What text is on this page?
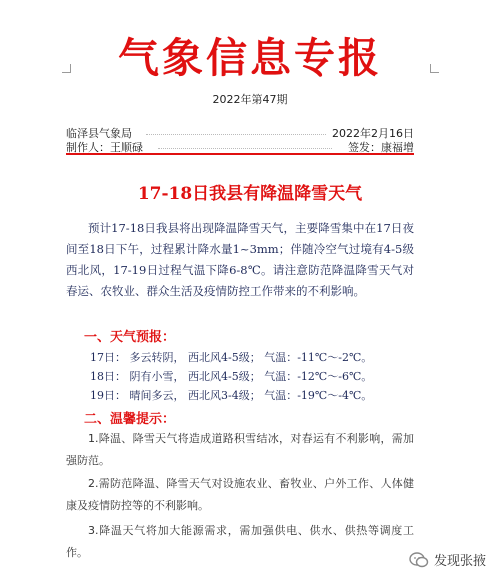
气象信息专报
2022年第47期
临泽县气象局	2022年2月16日
制作人：王顺碌	签发：康福增
17-18日我县有降温降雪天气
预计17-18日我县将出现降温降雪天气，主要降雪集中在17日夜间至18日下午，过程累计降水量1~3mm；伴随冷空气过境有4-5级西北风，17-19日过程气温下降6-8℃。请注意防范降温降雪天气对春运、农牧业、群众生活及疫情防控工作带来的不利影响。
一、天气预报：
17日： 多云转阴， 西北风4-5级； 气温：-11℃～-2℃。
18日： 阴有小雪， 西北风4-5级； 气温：-12℃～-6℃。
19日： 晴间多云， 西北风3-4级； 气温：-19℃～-4℃。
二、温馨提示：
1.降温、降雪天气将造成道路积雪结冰，对春运有不利影响，需加强防范。
2.需防范降温、降雪天气对设施农业、畜牧业、户外工作、人体健康及疫情防控等的不利影响。
3.降温天气将加大能源需求，需加强供电、供水、供热等调度工作。
发现张掖
